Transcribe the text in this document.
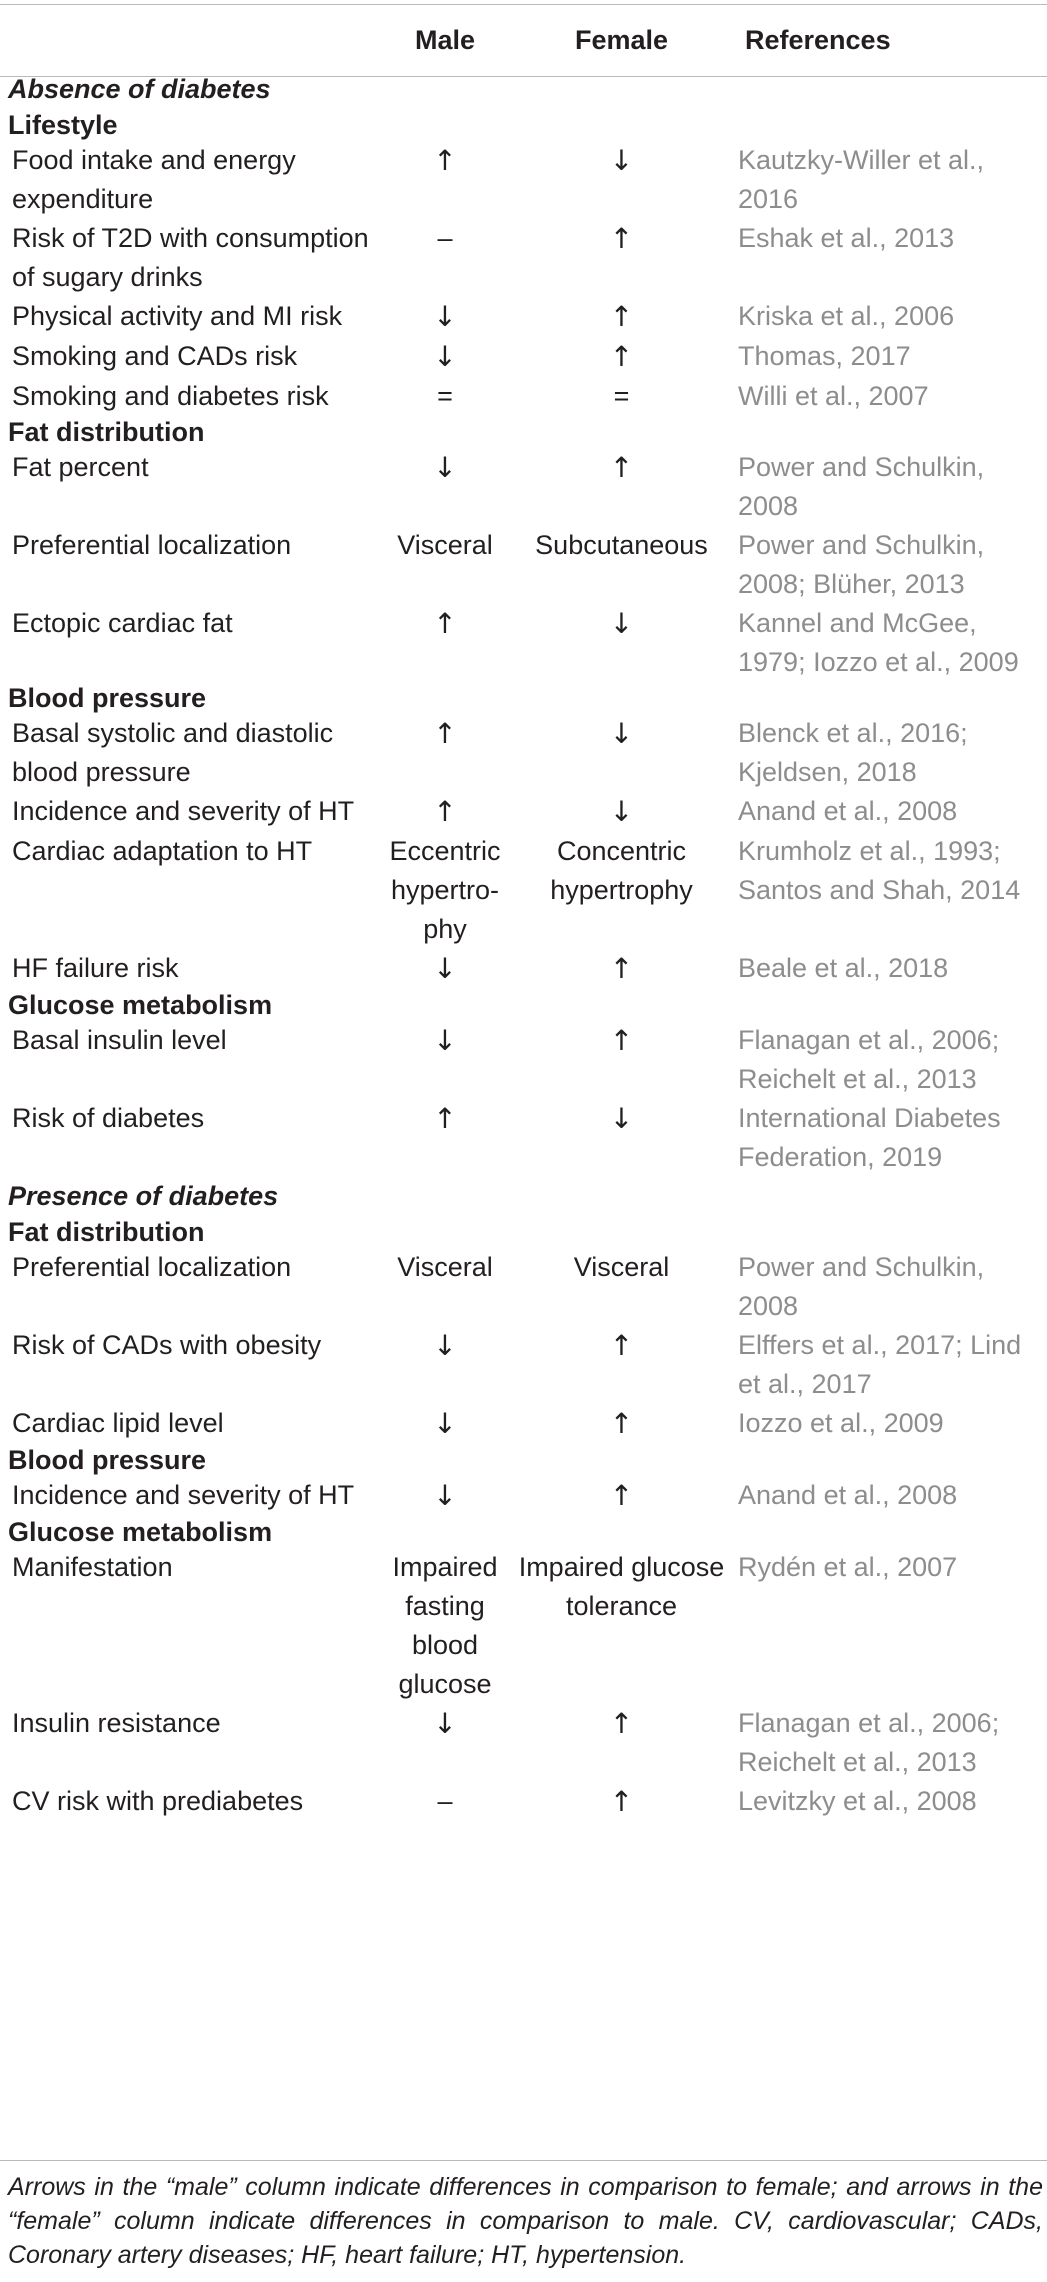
	Male	Female	References
Absence of diabetes			
Lifestyle			
Food intake and energy expenditure	↑	↓	Kautzky-Willer et al., 2016
Risk of T2D with consumption of sugary drinks	–	↑	Eshak et al., 2013
Physical activity and MI risk	↓	↑	Kriska et al., 2006
Smoking and CADs risk	↓	↑	Thomas, 2017
Smoking and diabetes risk	=	=	Willi et al., 2007
Fat distribution			
Fat percent	↓	↑	Power and Schulkin, 2008
Preferential localization	Visceral	Subcutaneous	Power and Schulkin, 2008; Blüher, 2013
Ectopic cardiac fat	↑	↓	Kannel and McGee, 1979; Iozzo et al., 2009
Blood pressure			
Basal systolic and diastolic blood pressure	↑	↓	Blenck et al., 2016; Kjeldsen, 2018
Incidence and severity of HT	↑	↓	Anand et al., 2008
Cardiac adaptation to HT	Eccentric hypertro-phy	Concentric hypertrophy	Krumholz et al., 1993; Santos and Shah, 2014
HF failure risk	↓	↑	Beale et al., 2018
Glucose metabolism			
Basal insulin level	↓	↑	Flanagan et al., 2006; Reichelt et al., 2013
Risk of diabetes	↑	↓	International Diabetes Federation, 2019
Presence of diabetes			
Fat distribution			
Preferential localization	Visceral	Visceral	Power and Schulkin, 2008
Risk of CADs with obesity	↓	↑	Elffers et al., 2017; Lind et al., 2017
Cardiac lipid level	↓	↑	Iozzo et al., 2009
Blood pressure			
Incidence and severity of HT	↓	↑	Anand et al., 2008
Glucose metabolism			
Manifestation	Impaired fasting blood glucose	Impaired glucose tolerance	Rydén et al., 2007
Insulin resistance	↓	↑	Flanagan et al., 2006; Reichelt et al., 2013
CV risk with prediabetes	–	↑	Levitzky et al., 2008
Arrows in the “male” column indicate differences in comparison to female; and arrows in the “female” column indicate differences in comparison to male. CV, cardiovascular; CADs, Coronary artery diseases; HF, heart failure; HT, hypertension.
